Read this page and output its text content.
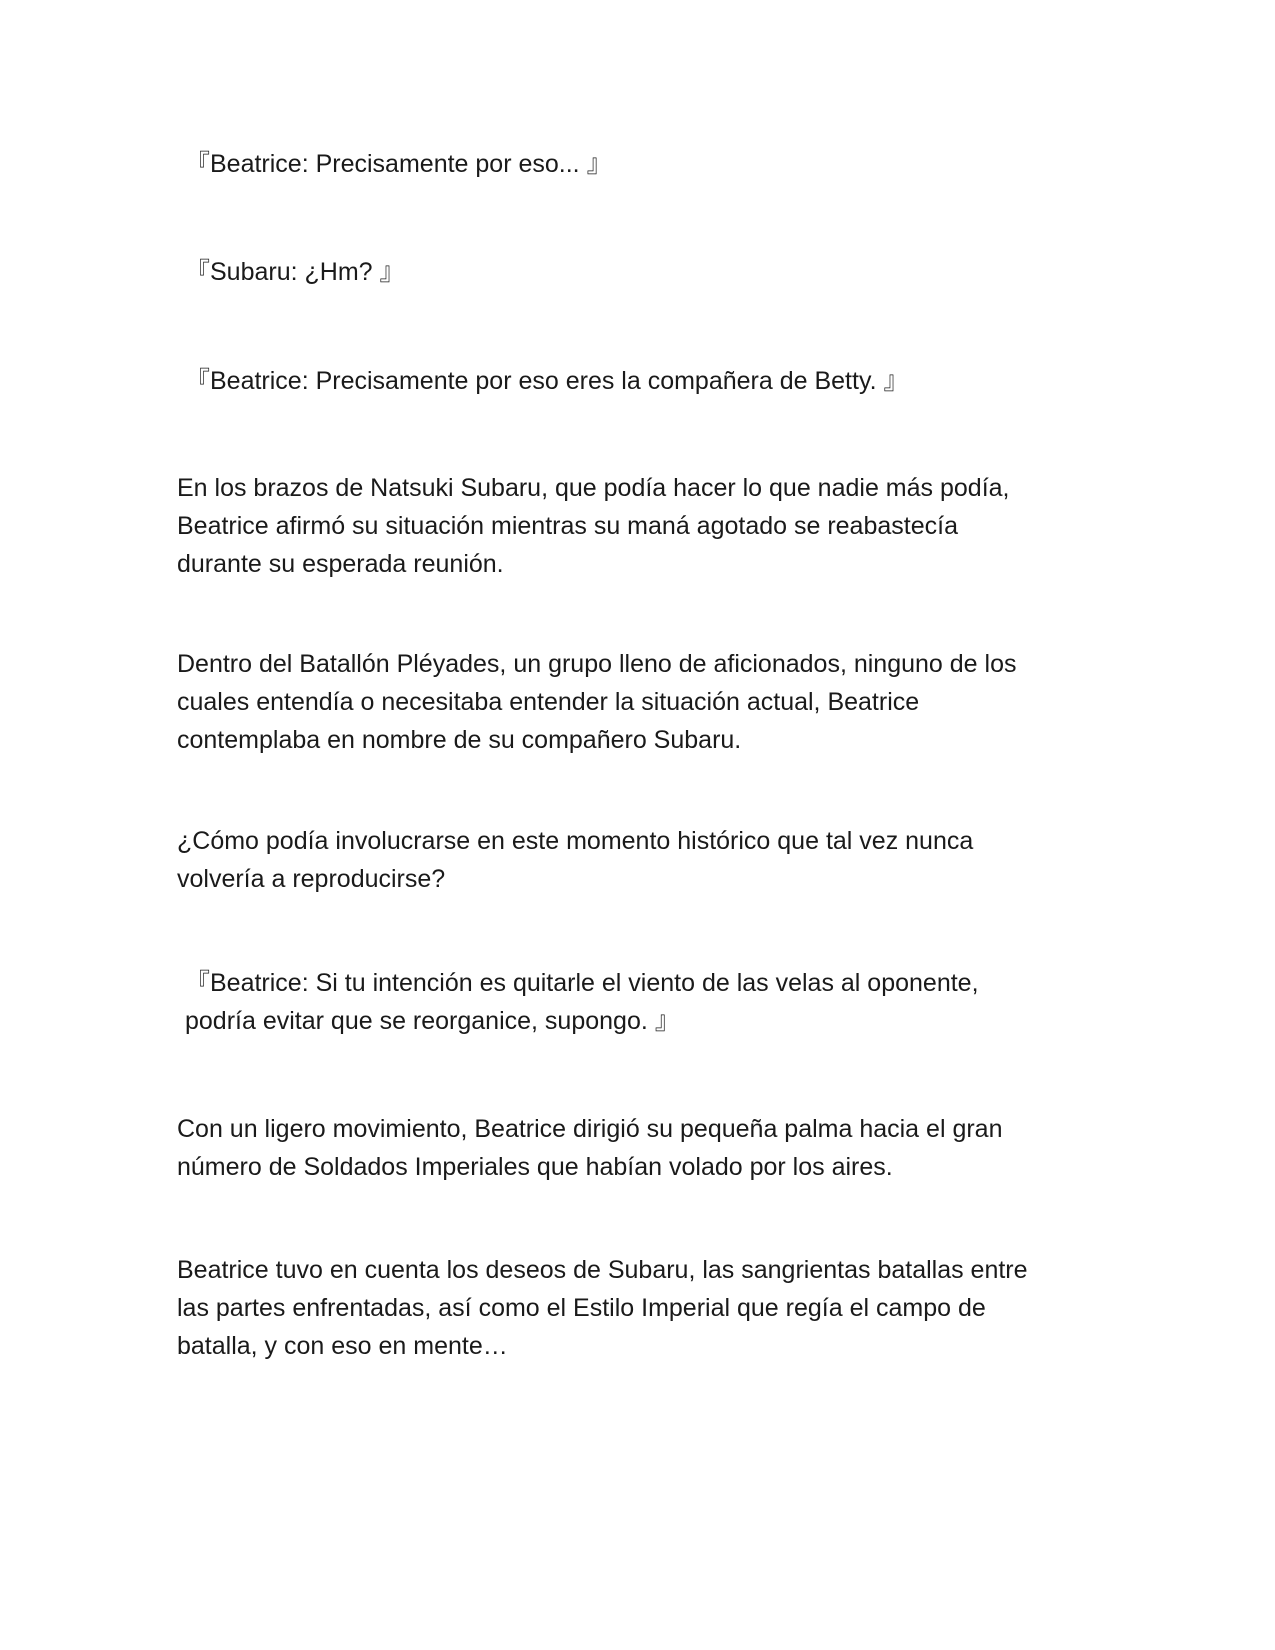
『Beatrice: Precisamente por eso... 』

『Subaru: ¿Hm? 』

『Beatrice: Precisamente por eso eres la compañera de Betty. 』

En los brazos de Natsuki Subaru, que podía hacer lo que nadie más podía,
Beatrice afirmó su situación mientras su maná agotado se reabastecía
durante su esperada reunión.

Dentro del Batallón Pléyades, un grupo lleno de aficionados, ninguno de los
cuales entendía o necesitaba entender la situación actual, Beatrice
contemplaba en nombre de su compañero Subaru.

¿Cómo podía involucrarse en este momento histórico que tal vez nunca
volvería a reproducirse?

『Beatrice: Si tu intención es quitarle el viento de las velas al oponente,
podría evitar que se reorganice, supongo. 』

Con un ligero movimiento, Beatrice dirigió su pequeña palma hacia el gran
número de Soldados Imperiales que habían volado por los aires.

Beatrice tuvo en cuenta los deseos de Subaru, las sangrientas batallas entre
las partes enfrentadas, así como el Estilo Imperial que regía el campo de
batalla, y con eso en mente…
